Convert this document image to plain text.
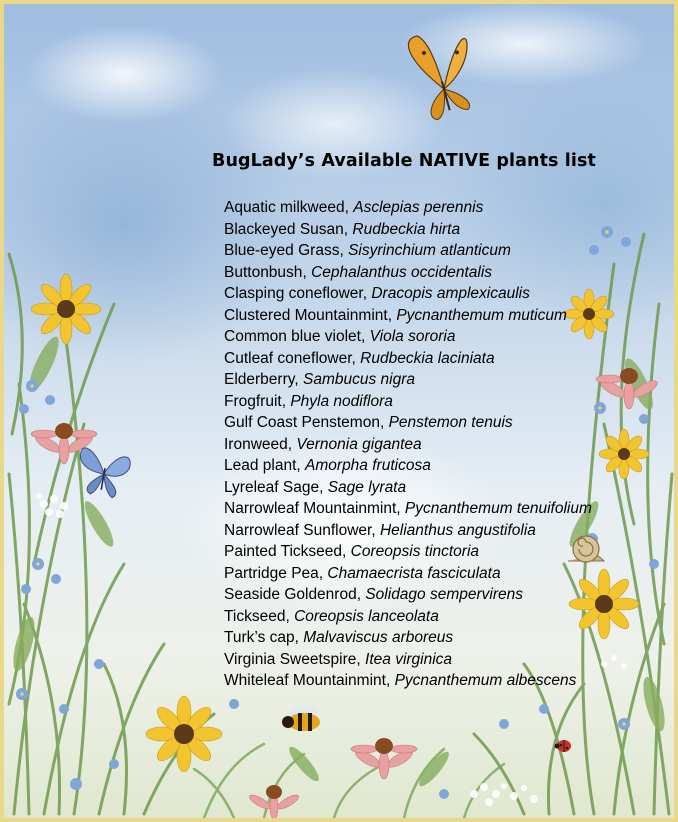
BugLady’s Available NATIVE plants list
Aquatic milkweed, Asclepias perennis
Blackeyed Susan, Rudbeckia hirta
Blue-eyed Grass, Sisyrinchium atlanticum
Buttonbush, Cephalanthus occidentalis
Clasping coneflower, Dracopis amplexicaulis
Clustered Mountainmint, Pycnanthemum muticum
Common blue violet, Viola sororia
Cutleaf coneflower, Rudbeckia laciniata
Elderberry, Sambucus nigra
Frogfruit, Phyla nodiflora
Gulf Coast Penstemon, Penstemon tenuis
Ironweed, Vernonia gigantea
Lead plant, Amorpha fruticosa
Lyreleaf Sage, Sage lyrata
Narrowleaf Mountainmint, Pycnanthemum tenuifolium
Narrowleaf Sunflower, Helianthus angustifolia
Painted Tickseed, Coreopsis tinctoria
Partridge Pea, Chamaecrista fasciculata
Seaside Goldenrod, Solidago sempervirens
Tickseed, Coreopsis lanceolata
Turk’s cap, Malvaviscus arboreus
Virginia Sweetspire, Itea virginica
Whiteleaf Mountainmint, Pycnanthemum albescens
